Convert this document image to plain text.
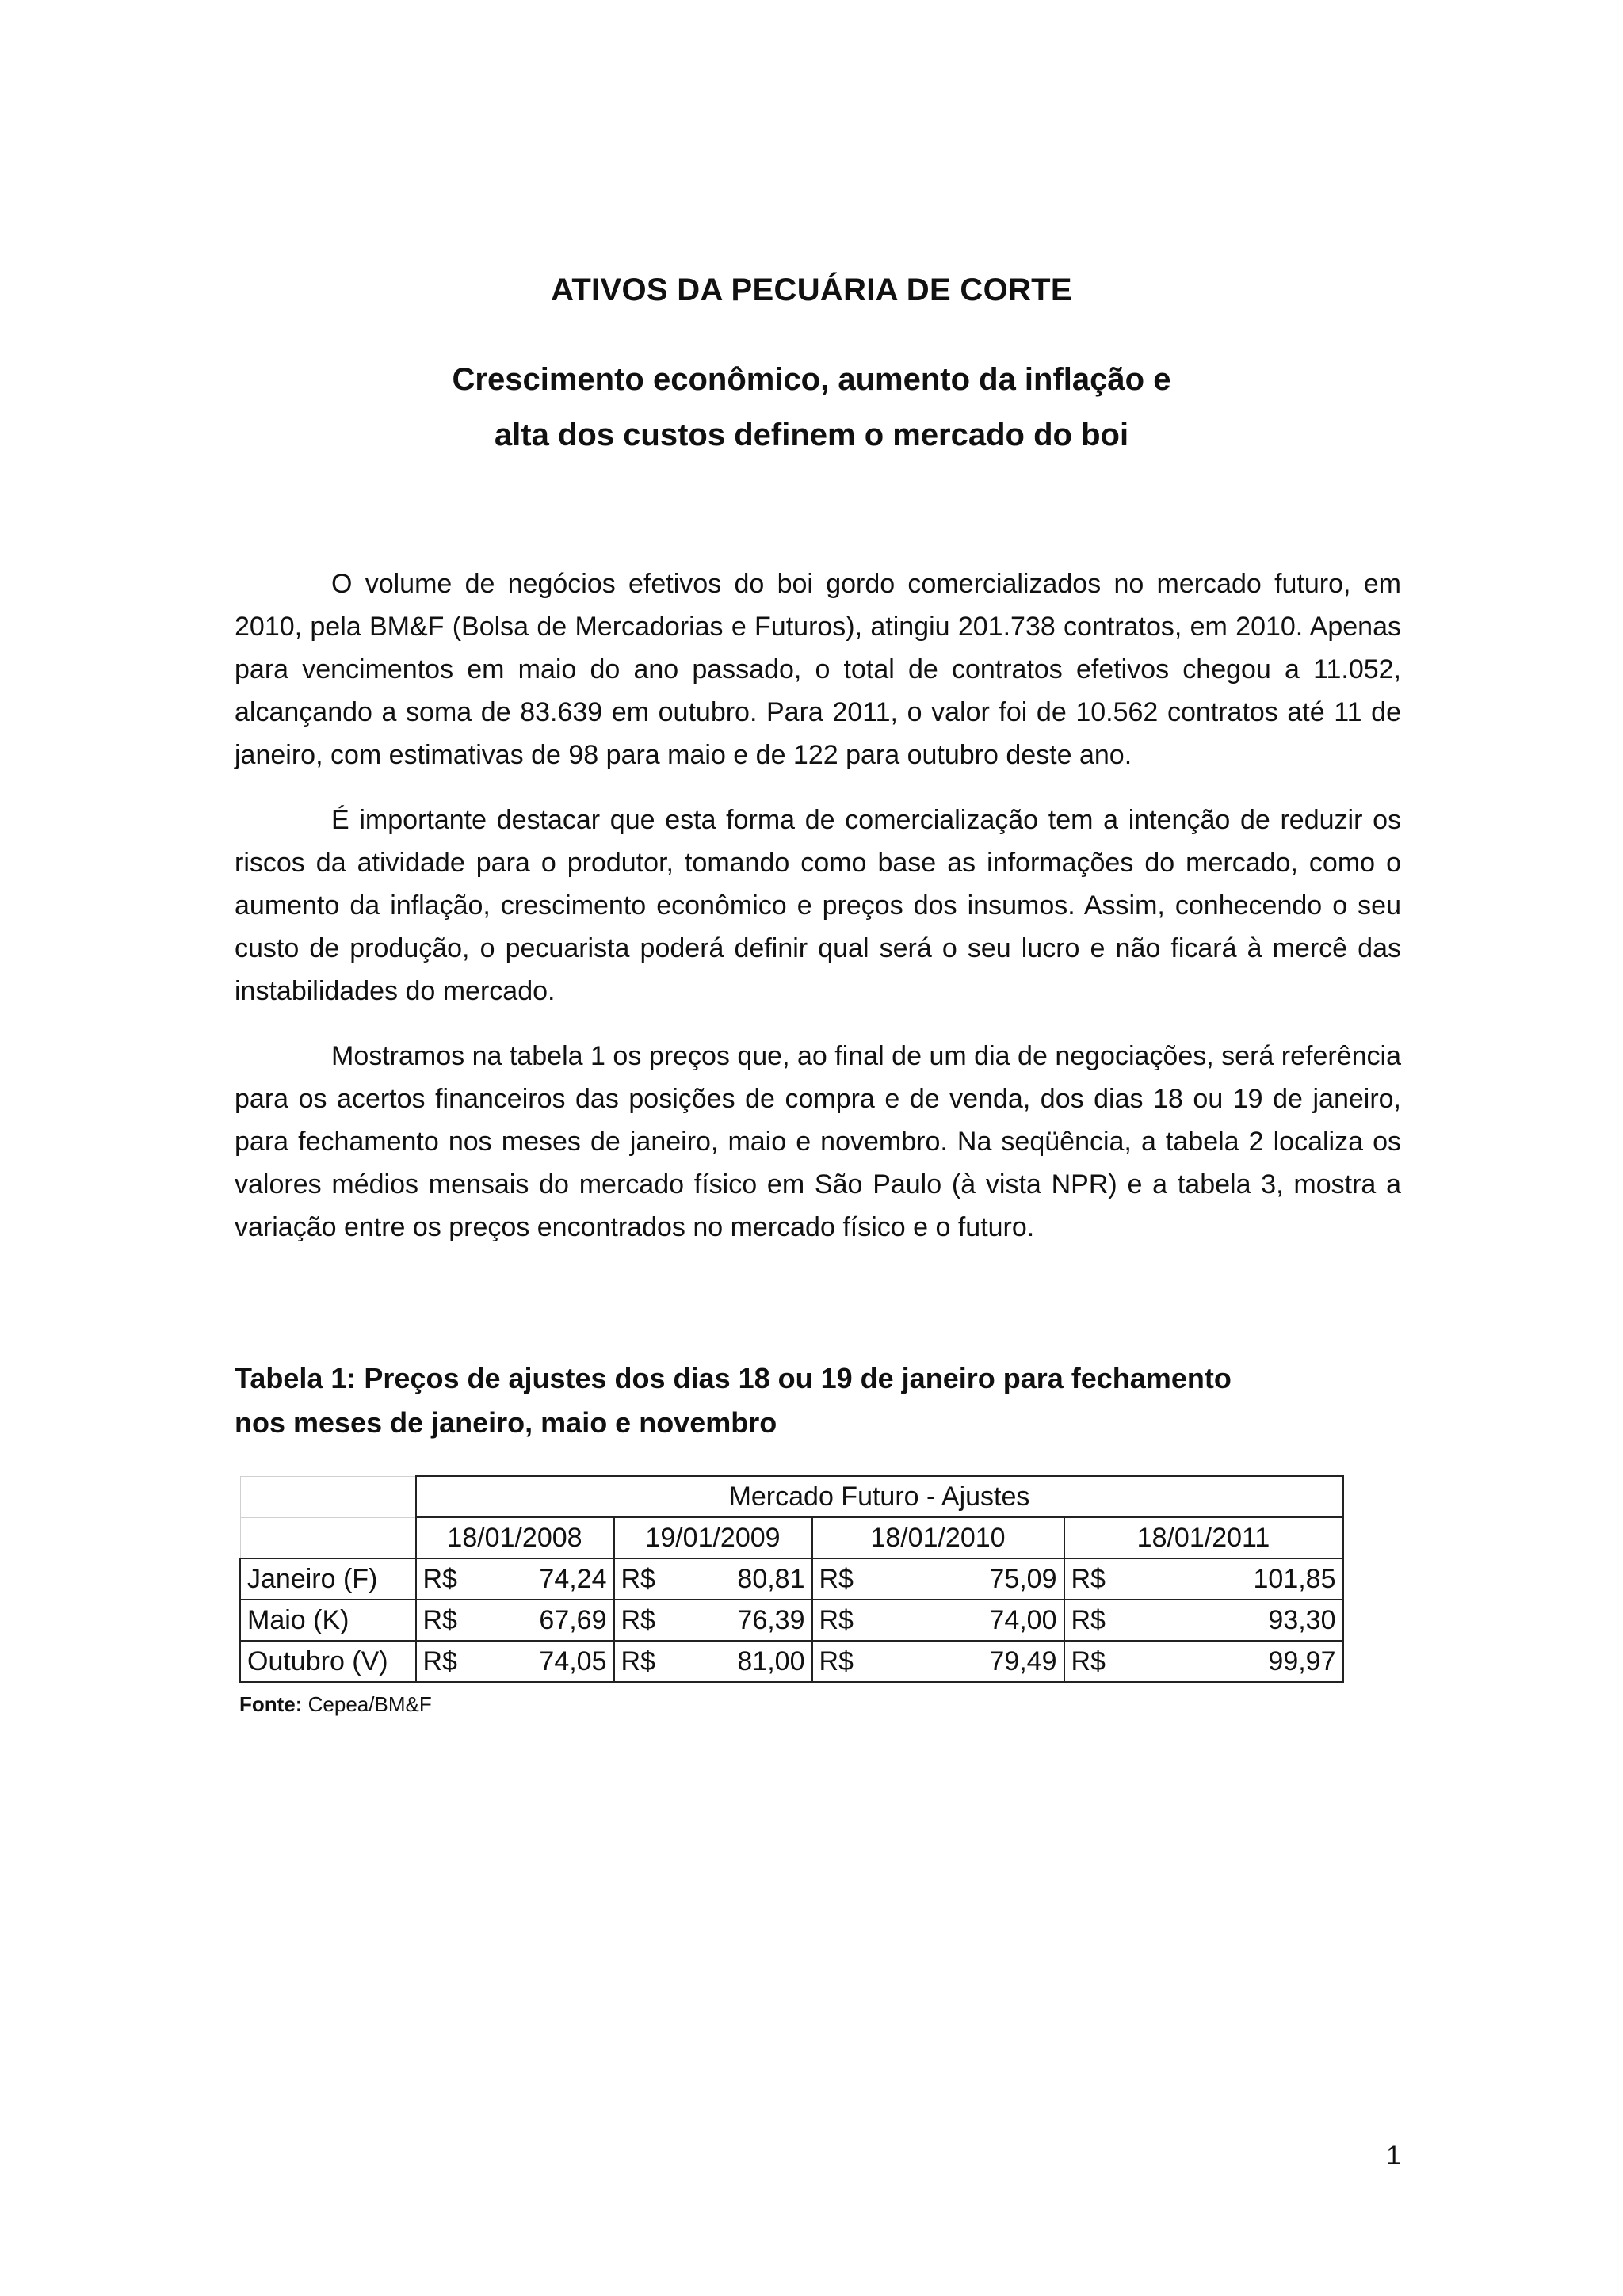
ATIVOS DA PECUÁRIA DE CORTE
Crescimento econômico, aumento da inflação e
alta dos custos definem o mercado do boi

O volume de negócios efetivos do boi gordo comercializados no mercado futuro, em 2010, pela BM&F (Bolsa de Mercadorias e Futuros), atingiu 201.738 contratos, em 2010. Apenas para vencimentos em maio do ano passado, o total de contratos efetivos chegou a 11.052, alcançando a soma de 83.639 em outubro. Para 2011, o valor foi de 10.562 contratos até 11 de janeiro, com estimativas de 98 para maio e de 122 para outubro deste ano.

É importante destacar que esta forma de comercialização tem a intenção de reduzir os riscos da atividade para o produtor, tomando como base as informações do mercado, como o aumento da inflação, crescimento econômico e preços dos insumos. Assim, conhecendo o seu custo de produção, o pecuarista poderá definir qual será o seu lucro e não ficará à mercê das instabilidades do mercado.

Mostramos na tabela 1 os preços que, ao final de um dia de negociações, será referência para os acertos financeiros das posições de compra e de venda, dos dias 18 ou 19 de janeiro, para fechamento nos meses de janeiro, maio e novembro. Na seqüência, a tabela 2 localiza os valores médios mensais do mercado físico em São Paulo (à vista NPR) e a tabela 3, mostra a variação entre os preços encontrados no mercado físico e o futuro.

Tabela 1: Preços de ajustes dos dias 18 ou 19 de janeiro para fechamento
nos meses de janeiro, maio e novembro
	Mercado Futuro - Ajustes			
	18/01/2008	19/01/2009	18/01/2010	18/01/2011
Janeiro (F)	R$ 74,24	R$ 80,81	R$ 75,09	R$ 101,85

Maio (K)	R$ 67,69	R$ 76,39	R$ 74,00	R$ 93,30

Outubro (V)	R$ 74,05	R$ 81,00	R$ 79,49	R$ 99,97
Fonte: Cepea/BM&F
1
